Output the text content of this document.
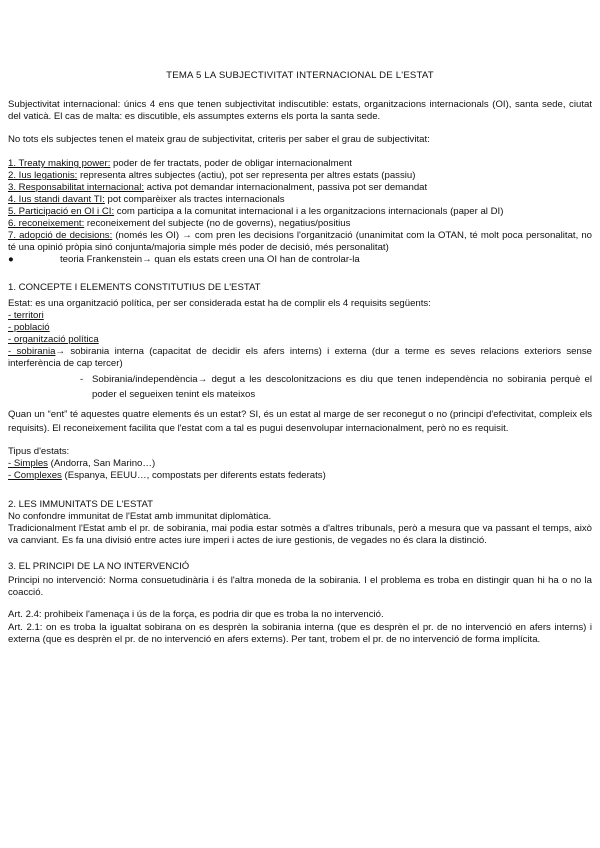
TEMA 5 LA SUBJECTIVITAT INTERNACIONAL DE L'ESTAT

Subjectivitat internacional: únics 4 ens que tenen subjectivitat indiscutible: estats, organitzacions internacionals (OI), santa sede, ciutat del vaticà. El cas de malta: es discutible, els assumptes externs els porta la santa sede.

No tots els subjectes tenen el mateix grau de subjectivitat, criteris per saber el grau de subjectivitat:

1. Treaty making power: poder de fer tractats, poder de obligar internacionalment

2. Ius legationis: representa altres subjectes (actiu), pot ser representa per altres estats (passiu)

3. Responsabilitat internacional: activa pot demandar internacionalment, passiva pot ser demandat

4. Ius standi davant TI: pot comparèixer als tractes internacionals

5. Participació en OI i CI: com participa a la comunitat internacional i a les organitzacions internacionals (paper al DI)

6. reconeixement: reconeixement del subjecte (no de governs), negatius/positius

7. adopció de decisions: (només les OI) → com pren les decisions l'organització (unanimitat com la OTAN, té molt poca personalitat, no té una opinió pròpia sinó conjunta/majoria simple més poder de decisió, més personalitat)

●	teoria Frankenstein→ quan els estats creen una OI han de controlar-la

1. CONCEPTE I ELEMENTS CONSTITUTIUS DE L'ESTAT

Estat: es una organització política, per ser considerada estat ha de complir els 4 requisits següents:

- territori

- població

- organització política

- sobirania→ sobirania interna (capacitat de decidir els afers interns) i externa (dur a terme es seves relacions exteriors sense interferència de cap tercer)

- Sobirania/independència→ degut a les descolonitzacions es diu que tenen independència no sobirania perquè el poder el segueixen tenint els mateixos

Quan un “ent” té aquestes quatre elements és un estat? SI, és un estat al marge de ser reconegut o no (principi d'efectivitat, compleix els requisits). El reconeixement facilita que l'estat com a tal es pugui desenvolupar internacionalment, però no es requisit.

Tipus d'estats:

- Simples (Andorra, San Marino…)

- Complexes (Espanya, EEUU…, compostats per diferents estats federats)

2. LES IMMUNITATS DE L'ESTAT

No confondre immunitat de l'Estat amb immunitat diplomàtica.

Tradicionalment l'Estat amb el pr. de sobirania, mai podia estar sotmès a d'altres tribunals, però a mesura que va passant el temps, això va canviant. Es fa una divisió entre actes iure imperi i actes de iure gestionis, de vegades no és clara la distinció.

3. EL PRINCIPI DE LA NO INTERVENCIÓ

Principi no intervenció: Norma consuetudinària i és l'altra moneda de la sobirania. I el problema es troba en distingir quan hi ha o no la coacció.

Art. 2.4: prohibeix l'amenaça i ús de la força, es podria dir que es troba la no intervenció.

Art. 2.1: on es troba la igualtat sobirana on es desprèn la sobirania interna (que es desprèn el pr. de no intervenció en afers interns) i externa (que es desprèn el pr. de no intervenció en afers externs). Per tant, trobem el pr. de no intervenció de forma implícita.
